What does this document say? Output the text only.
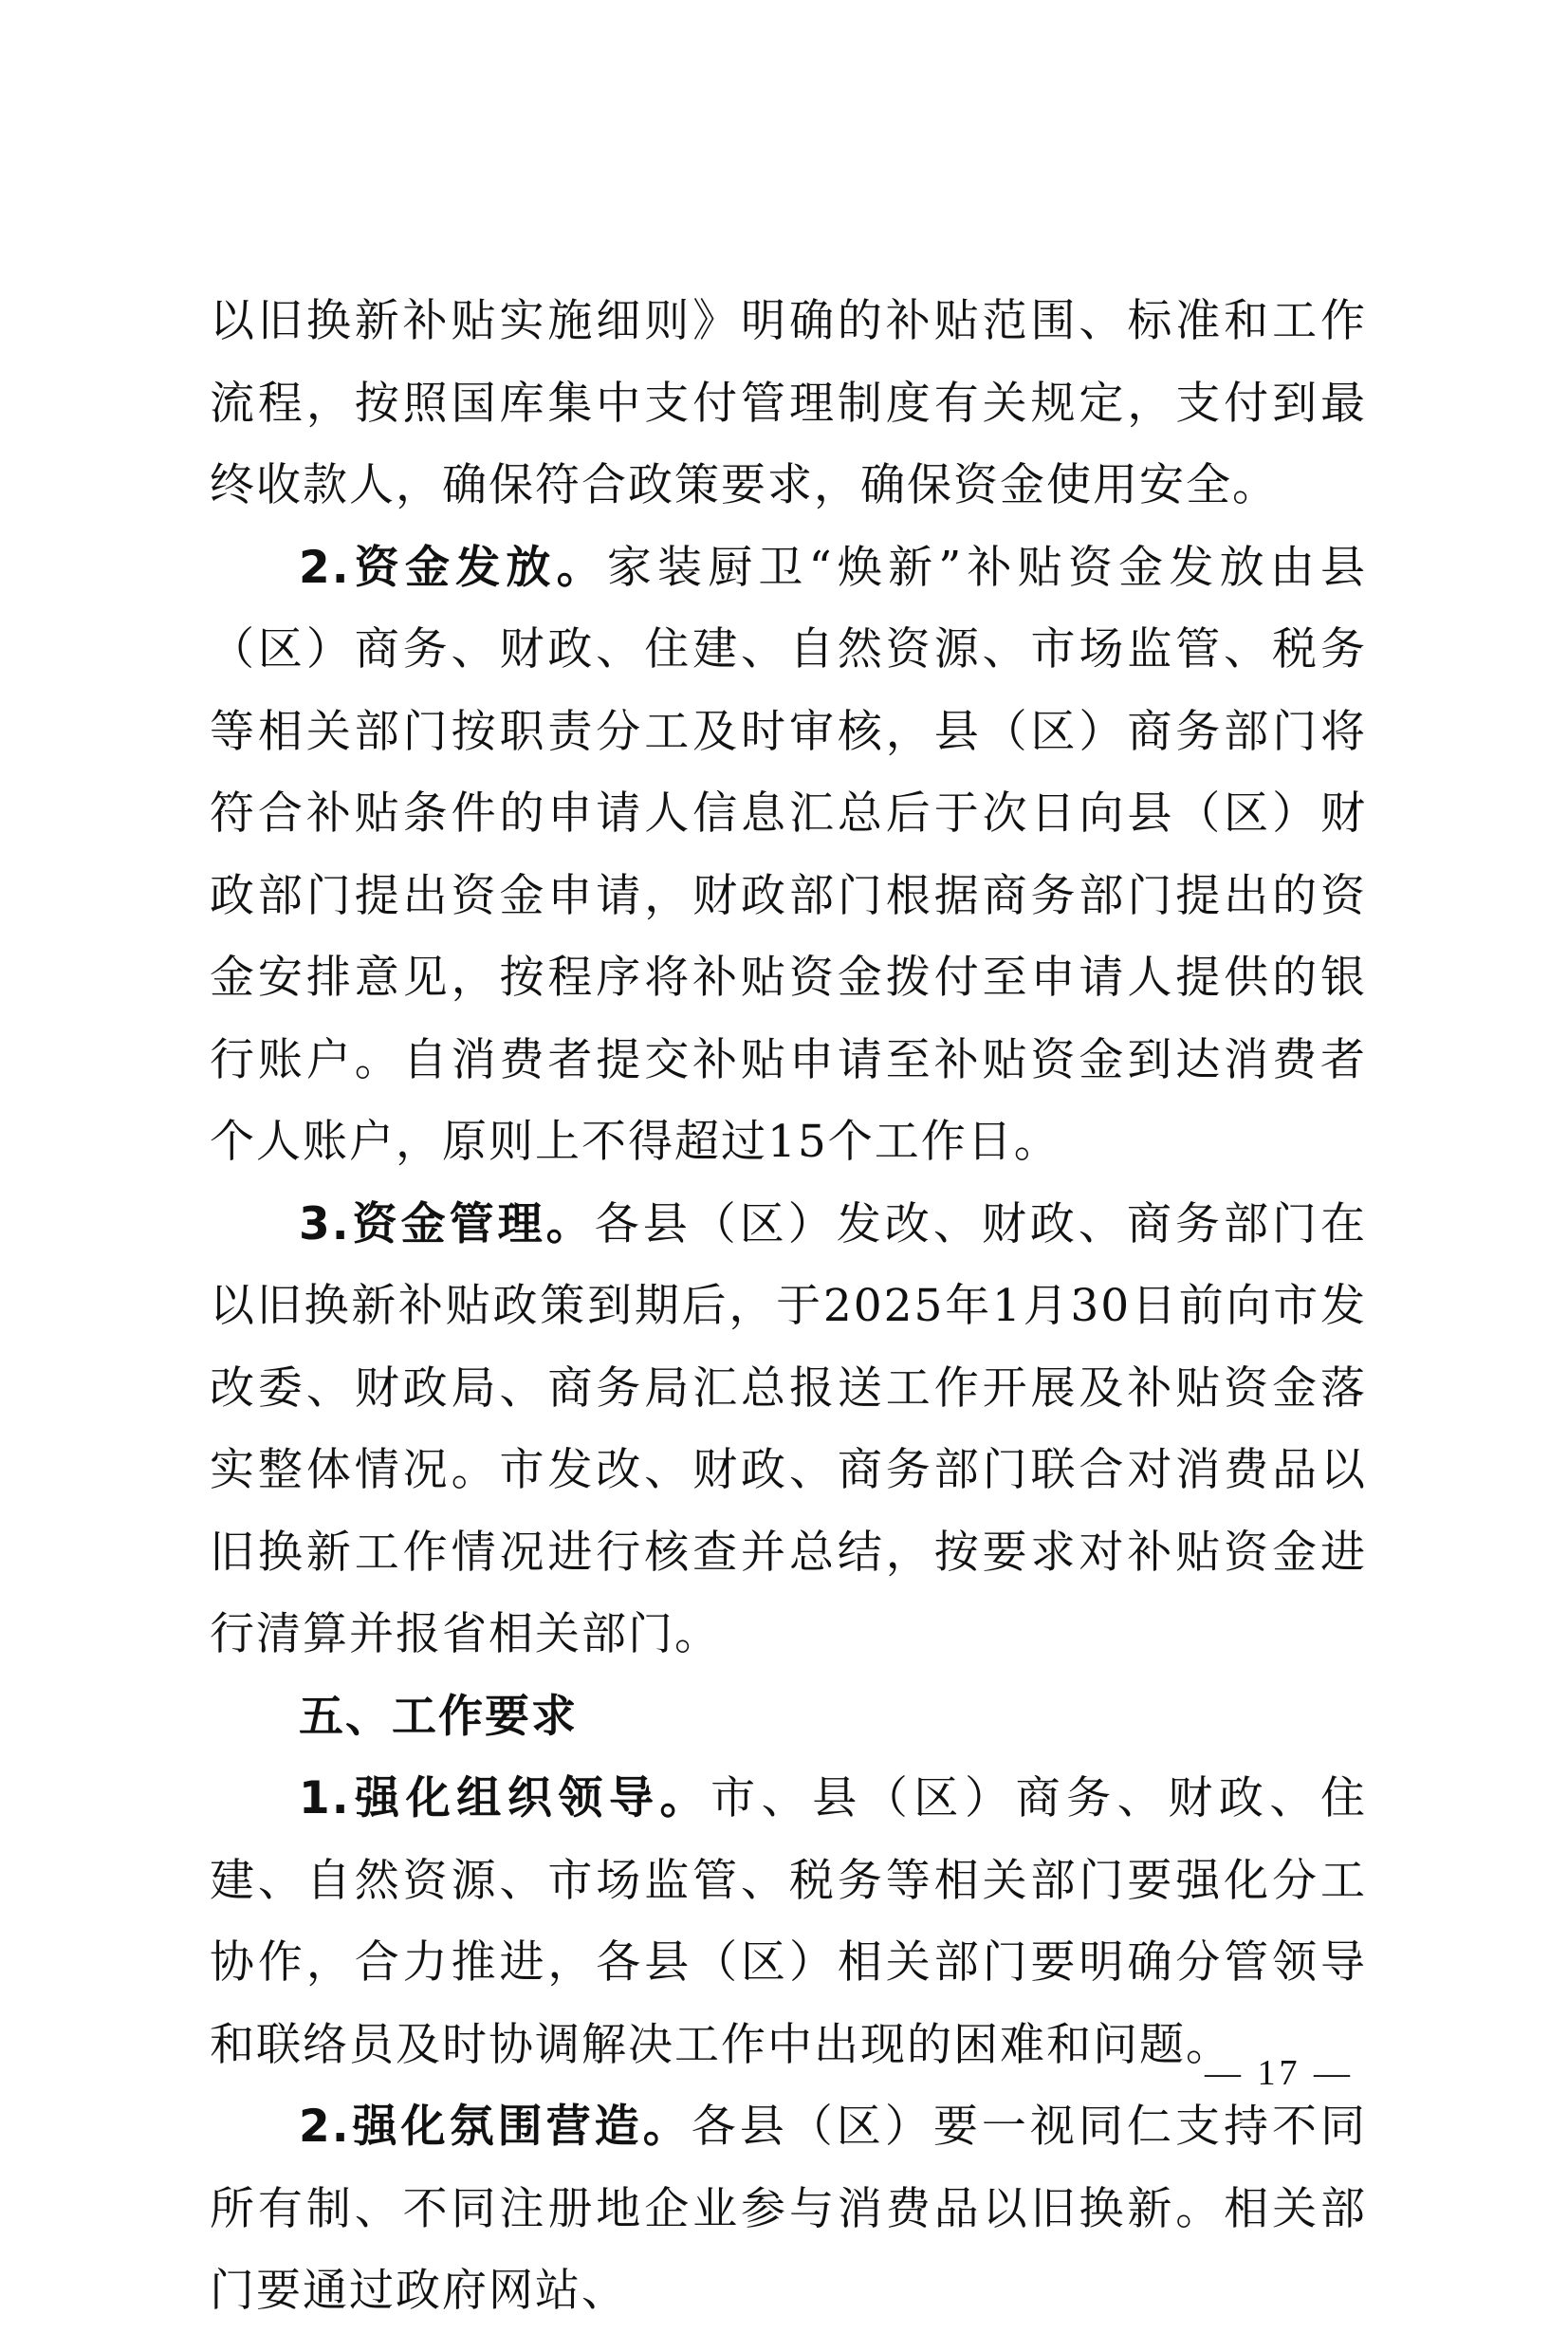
以旧换新补贴实施细则》明确的补贴范围、标准和工作流程，按照国库集中支付管理制度有关规定，支付到最终收款人，确保符合政策要求，确保资金使用安全。

2.资金发放。家装厨卫“焕新”补贴资金发放由县（区）商务、财政、住建、自然资源、市场监管、税务等相关部门按职责分工及时审核，县（区）商务部门将符合补贴条件的申请人信息汇总后于次日向县（区）财政部门提出资金申请，财政部门根据商务部门提出的资金安排意见，按程序将补贴资金拨付至申请人提供的银行账户。自消费者提交补贴申请至补贴资金到达消费者个人账户，原则上不得超过15个工作日。

3.资金管理。各县（区）发改、财政、商务部门在以旧换新补贴政策到期后，于2025年1月30日前向市发改委、财政局、商务局汇总报送工作开展及补贴资金落实整体情况。市发改、财政、商务部门联合对消费品以旧换新工作情况进行核查并总结，按要求对补贴资金进行清算并报省相关部门。

五、工作要求

1.强化组织领导。市、县（区）商务、财政、住建、自然资源、市场监管、税务等相关部门要强化分工协作，合力推进，各县（区）相关部门要明确分管领导和联络员及时协调解决工作中出现的困难和问题。

2.强化氛围营造。各县（区）要一视同仁支持不同所有制、不同注册地企业参与消费品以旧换新。相关部门要通过政府网站、

— 17 —
